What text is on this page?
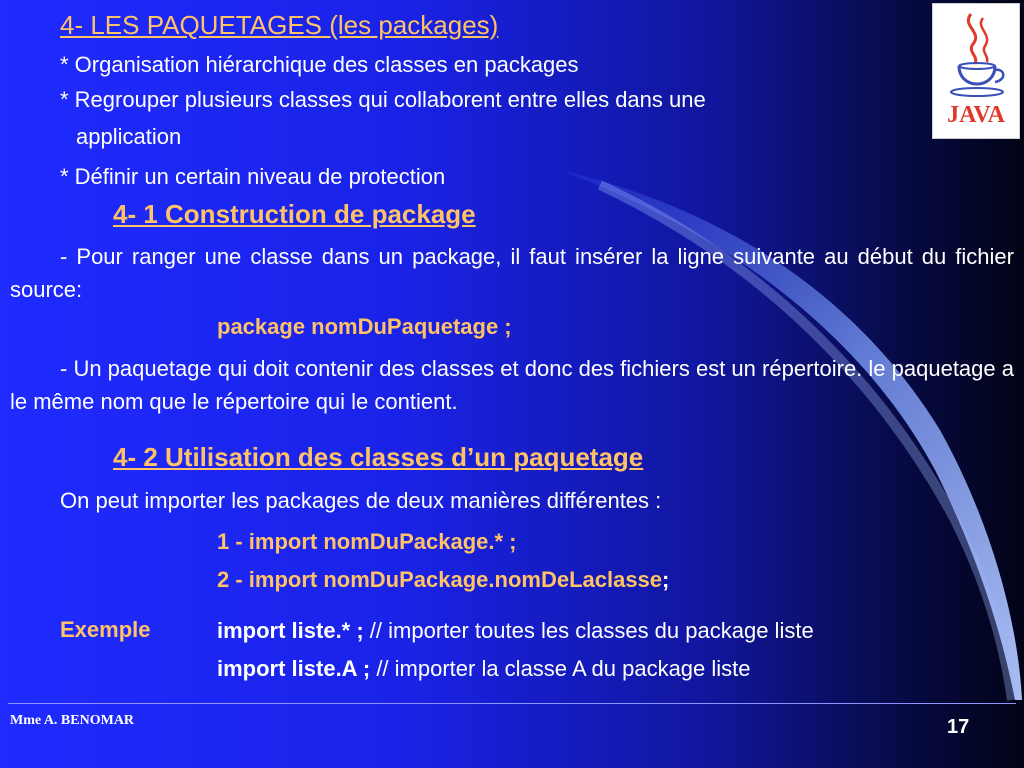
4- LES PAQUETAGES (les packages)
* Organisation hiérarchique des classes en packages
* Regrouper plusieurs classes qui collaborent entre elles dans une
application
* Définir un certain niveau de protection
4- 1 Construction de package
- Pour ranger une classe dans un package, il faut insérer la ligne suivante au début du fichier source:
package nomDuPaquetage ;
- Un paquetage qui doit contenir des classes et donc des fichiers est un répertoire. le paquetage a le même nom que le répertoire qui le contient.
4- 2 Utilisation des classes d’un paquetage
On peut importer les packages de deux manières différentes :
1 - import nomDuPackage.* ;
2 - import nomDuPackage.nomDeLaclasse;
Exemple	import liste.* ; // importer toutes les classes du package liste
import liste.A ; // importer la classe A du package liste
JAVA
Mme A. BENOMAR	17
